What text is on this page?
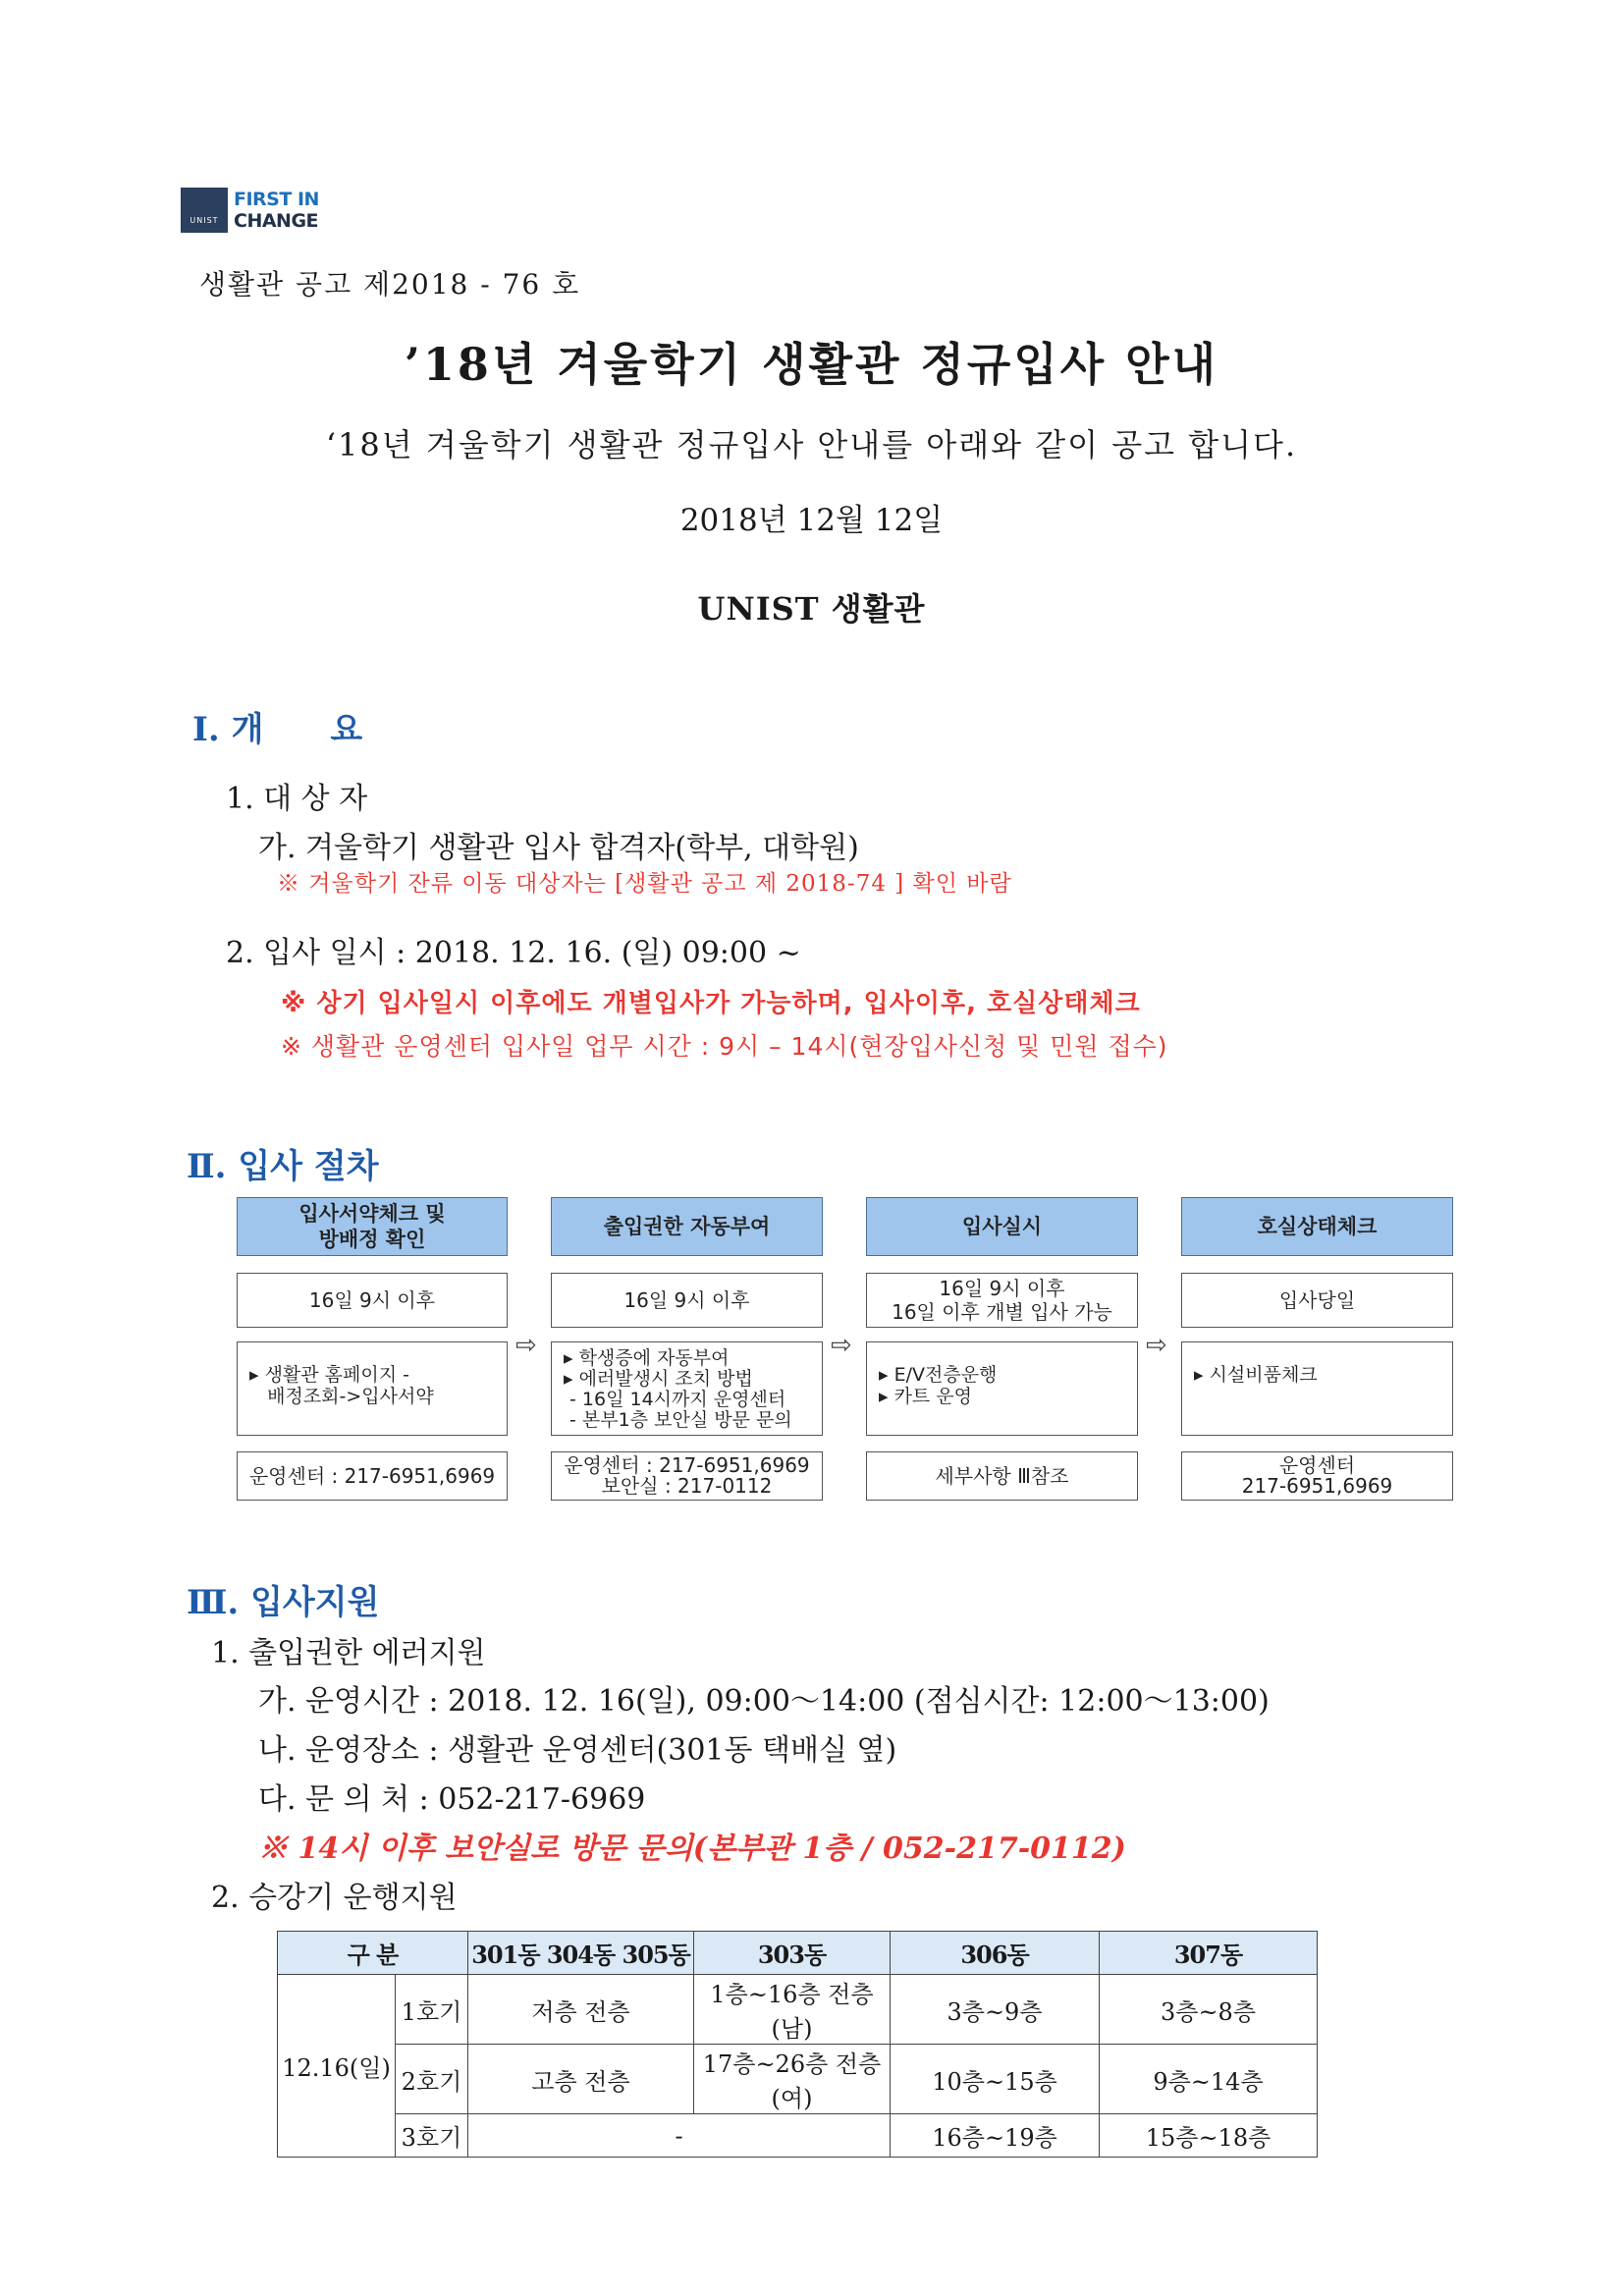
UNIST
FIRST IN
CHANGE
생활관 공고 제2018 - 76 호
’18년 겨울학기 생활관 정규입사 안내
‘18년 겨울학기 생활관 정규입사 안내를 아래와 같이 공고 합니다.
2018년 12월 12일
UNIST 생활관
Ⅰ. 개　　요
1. 대 상 자
가. 겨울학기 생활관 입사 합격자(학부, 대학원)
※ 겨울학기 잔류 이동 대상자는 [생활관 공고 제 2018-74 ] 확인 바람
2. 입사 일시 : 2018. 12. 16. (일) 09:00 ~
※ 상기 입사일시 이후에도 개별입사가 가능하며, 입사이후, 호실상태체크
※ 생활관 운영센터 입사일 업무 시간 : 9시 – 14시(현장입사신청 및 민원 접수)
Ⅱ. 입사 절차
입사서약체크 및
방배정 확인
16일 9시 이후
▸ 생활관 홈페이지 -
배정조회->입사서약
운영센터 : 217-6951,6969
⇨
출입권한 자동부여
16일 9시 이후
▸ 학생증에 자동부여
▸ 에러발생시 조치 방법
- 16일 14시까지 운영센터
- 본부1층 보안실 방문 문의
운영센터 : 217-6951,6969
보안실 : 217-0112
⇨
입사실시
16일 9시 이후
16일 이후 개별 입사 가능
▸ E/V전층운행
▸ 카트 운영
세부사항 Ⅲ참조
⇨
호실상태체크
입사당일
▸ 시설비품체크
운영센터
217-6951,6969
Ⅲ. 입사지원
1. 출입권한 에러지원
가. 운영시간 : 2018. 12. 16(일), 09:00～14:00 (점심시간: 12:00～13:00)
나. 운영장소 : 생활관 운영센터(301동 택배실 옆)
다. 문 의 처 : 052-217-6969
※ 14시 이후 보안실로 방문 문의(본부관 1층 / 052-217-0112)
2. 승강기 운행지원
구 분		301동 304동 305동	303동	306동	307동
12.16(일)	1호기	저층 전층	1층~16층 전층(남)	3층~9층	3층~8층
	2호기	고층 전층	17층~26층 전층(여)	10층~15층	9층~14층
	3호기	-		16층~19층	15층~18층
